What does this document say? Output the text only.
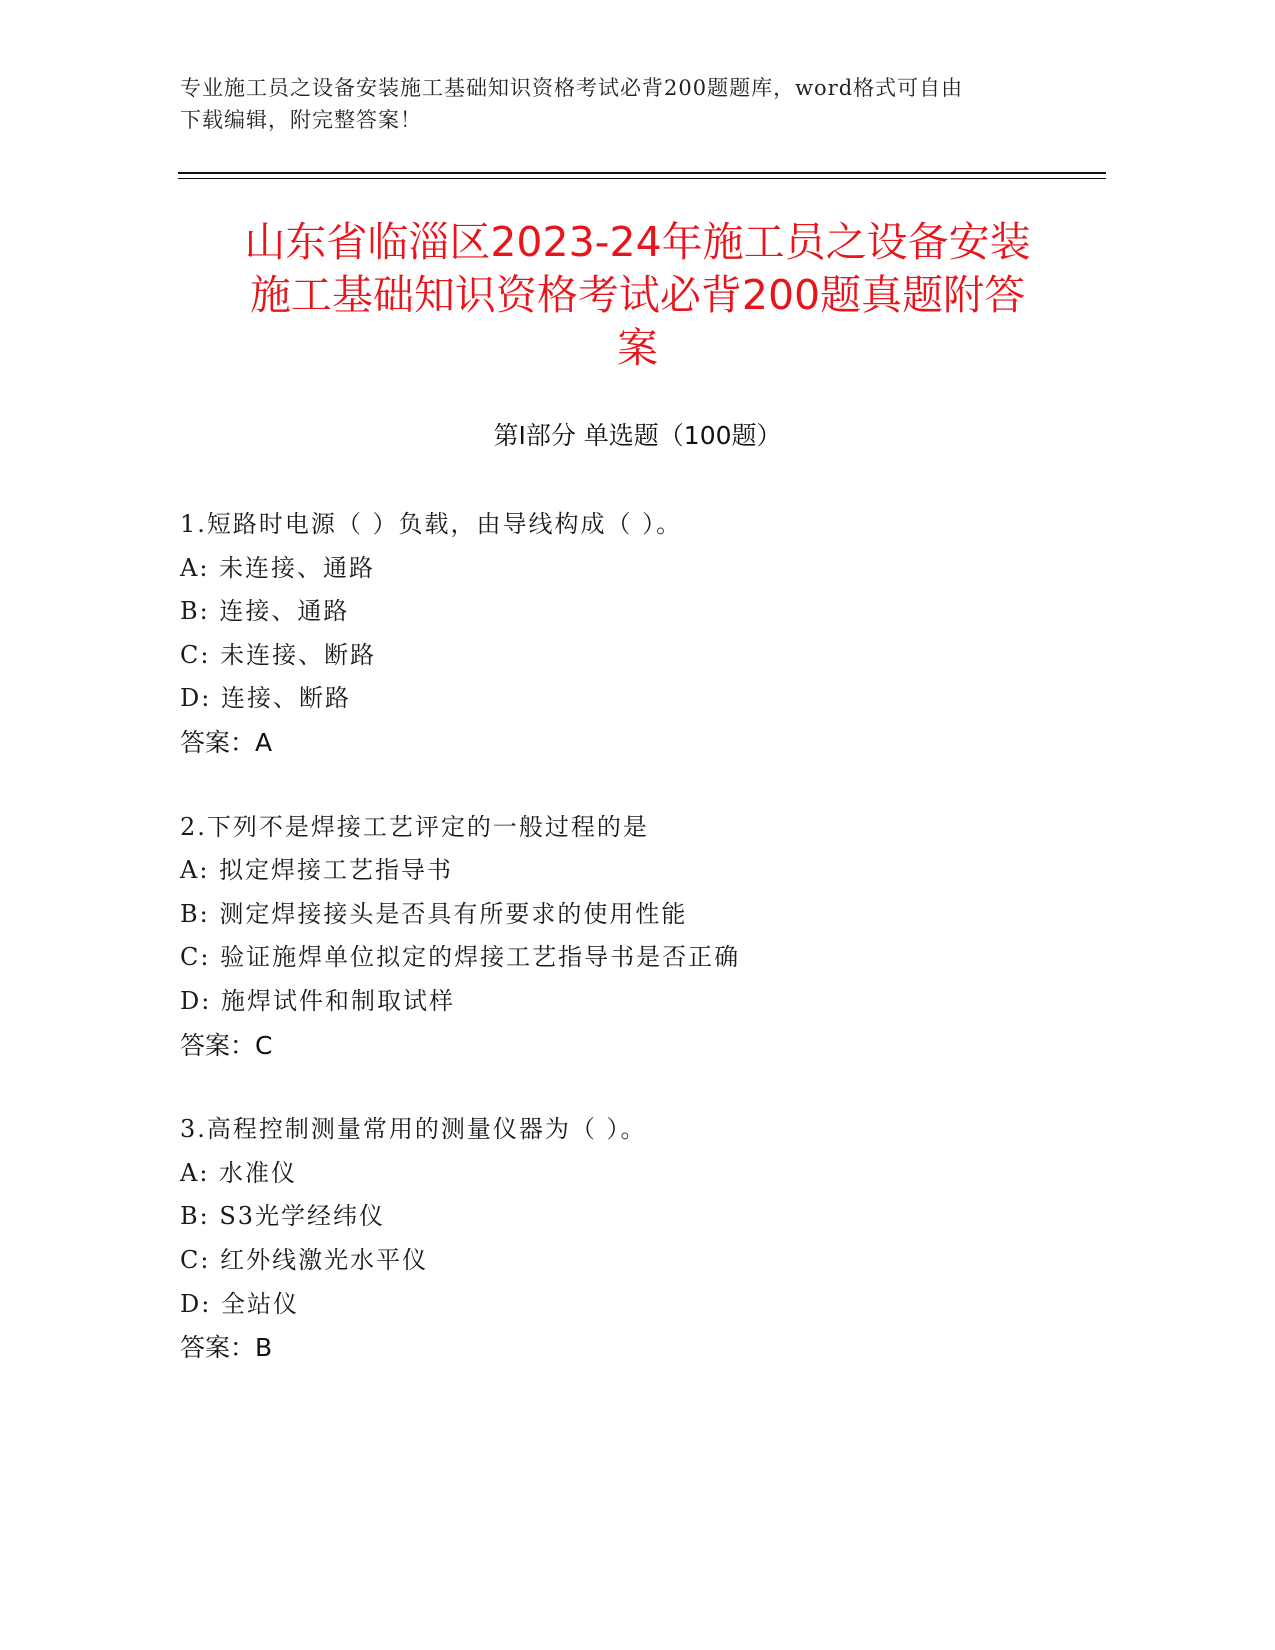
专业施工员之设备安装施工基础知识资格考试必背200题题库，word格式可自由
下载编辑，附完整答案！
山东省临淄区2023-24年施工员之设备安装
施工基础知识资格考试必背200题真题附答
案
第Ⅰ部分 单选题（100题）
1.短路时电源（ ）负载，由导线构成（ ）。
A: 未连接、通路
B: 连接、通路
C: 未连接、断路
D: 连接、断路
答案：A
2.下列不是焊接工艺评定的一般过程的是
A: 拟定焊接工艺指导书
B: 测定焊接接头是否具有所要求的使用性能
C: 验证施焊单位拟定的焊接工艺指导书是否正确
D: 施焊试件和制取试样
答案：C
3.高程控制测量常用的测量仪器为（ ）。
A: 水准仪
B: S3光学经纬仪
C: 红外线激光水平仪
D: 全站仪
答案：B
